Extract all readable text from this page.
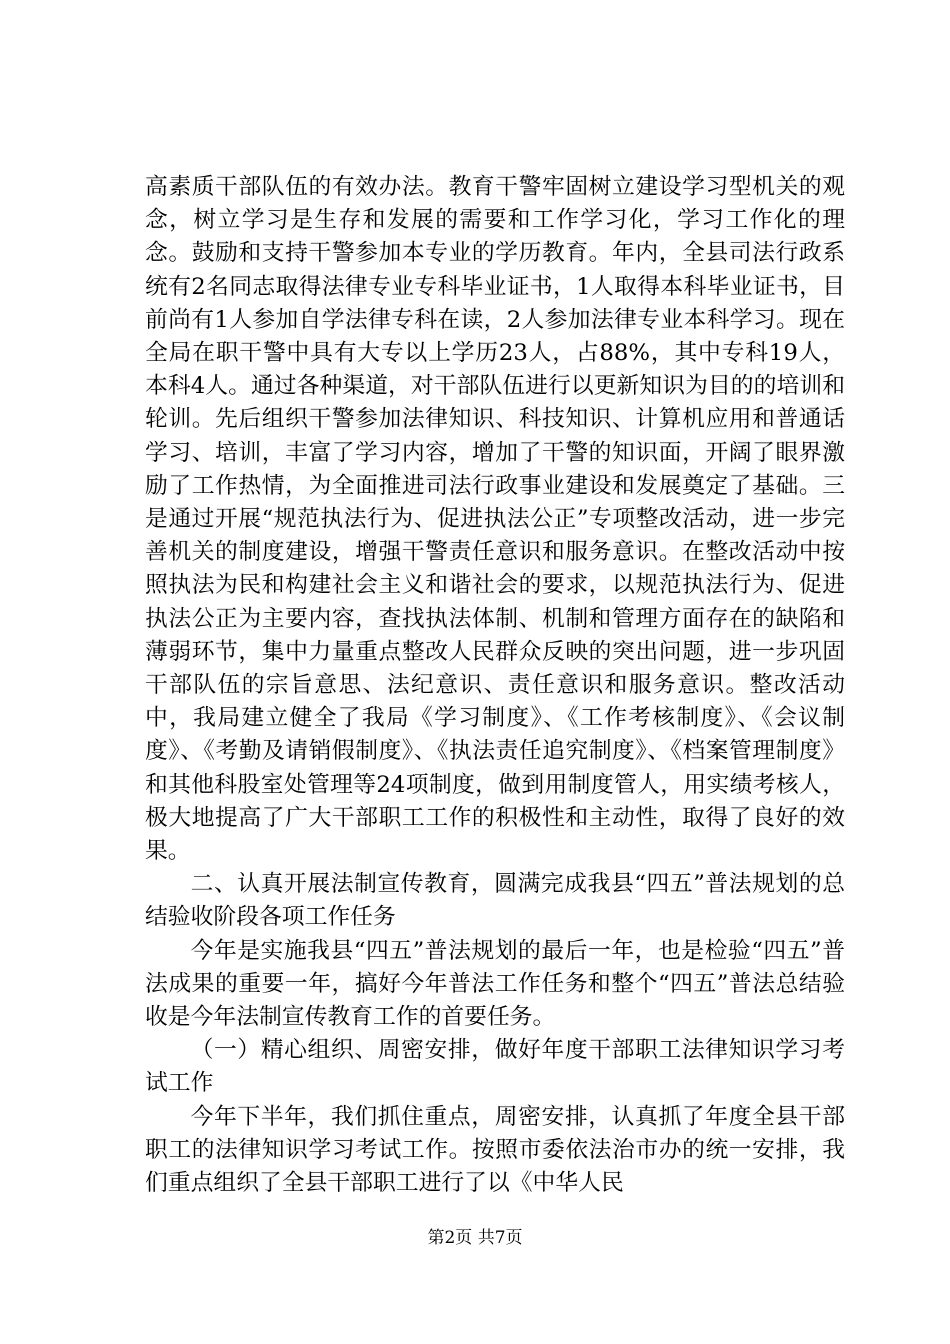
高素质干部队伍的有效办法。教育干警牢固树立建设学习型机关的观念，树立学习是生存和发展的需要和工作学习化，学习工作化的理念。鼓励和支持干警参加本专业的学历教育。年内，全县司法行政系统有2名同志取得法律专业专科毕业证书，1人取得本科毕业证书，目前尚有1人参加自学法律专科在读，2人参加法律专业本科学习。现在全局在职干警中具有大专以上学历23人，占88%，其中专科19人，本科4人。通过各种渠道，对干部队伍进行以更新知识为目的的培训和轮训。先后组织干警参加法律知识、科技知识、计算机应用和普通话学习、培训，丰富了学习内容，增加了干警的知识面，开阔了眼界激励了工作热情，为全面推进司法行政事业建设和发展奠定了基础。三是通过开展“规范执法行为、促进执法公正”专项整改活动，进一步完善机关的制度建设，增强干警责任意识和服务意识。在整改活动中按照执法为民和构建社会主义和谐社会的要求，以规范执法行为、促进执法公正为主要内容，查找执法体制、机制和管理方面存在的缺陷和薄弱环节，集中力量重点整改人民群众反映的突出问题，进一步巩固干部队伍的宗旨意思、法纪意识、责任意识和服务意识。整改活动中，我局建立健全了我局《学习制度》、《工作考核制度》、《会议制度》、《考勤及请销假制度》、《执法责任追究制度》、《档案管理制度》和其他科股室处管理等24项制度，做到用制度管人，用实绩考核人，极大地提高了广大干部职工工作的积极性和主动性，取得了良好的效果。

二、认真开展法制宣传教育，圆满完成我县“四五”普法规划的总结验收阶段各项工作任务

今年是实施我县“四五”普法规划的最后一年，也是检验“四五”普法成果的重要一年，搞好今年普法工作任务和整个“四五”普法总结验收是今年法制宣传教育工作的首要任务。

（一）精心组织、周密安排，做好年度干部职工法律知识学习考试工作

今年下半年，我们抓住重点，周密安排，认真抓了年度全县干部职工的法律知识学习考试工作。按照市委依法治市办的统一安排，我们重点组织了全县干部职工进行了以《中华人民

第2页 共7页
